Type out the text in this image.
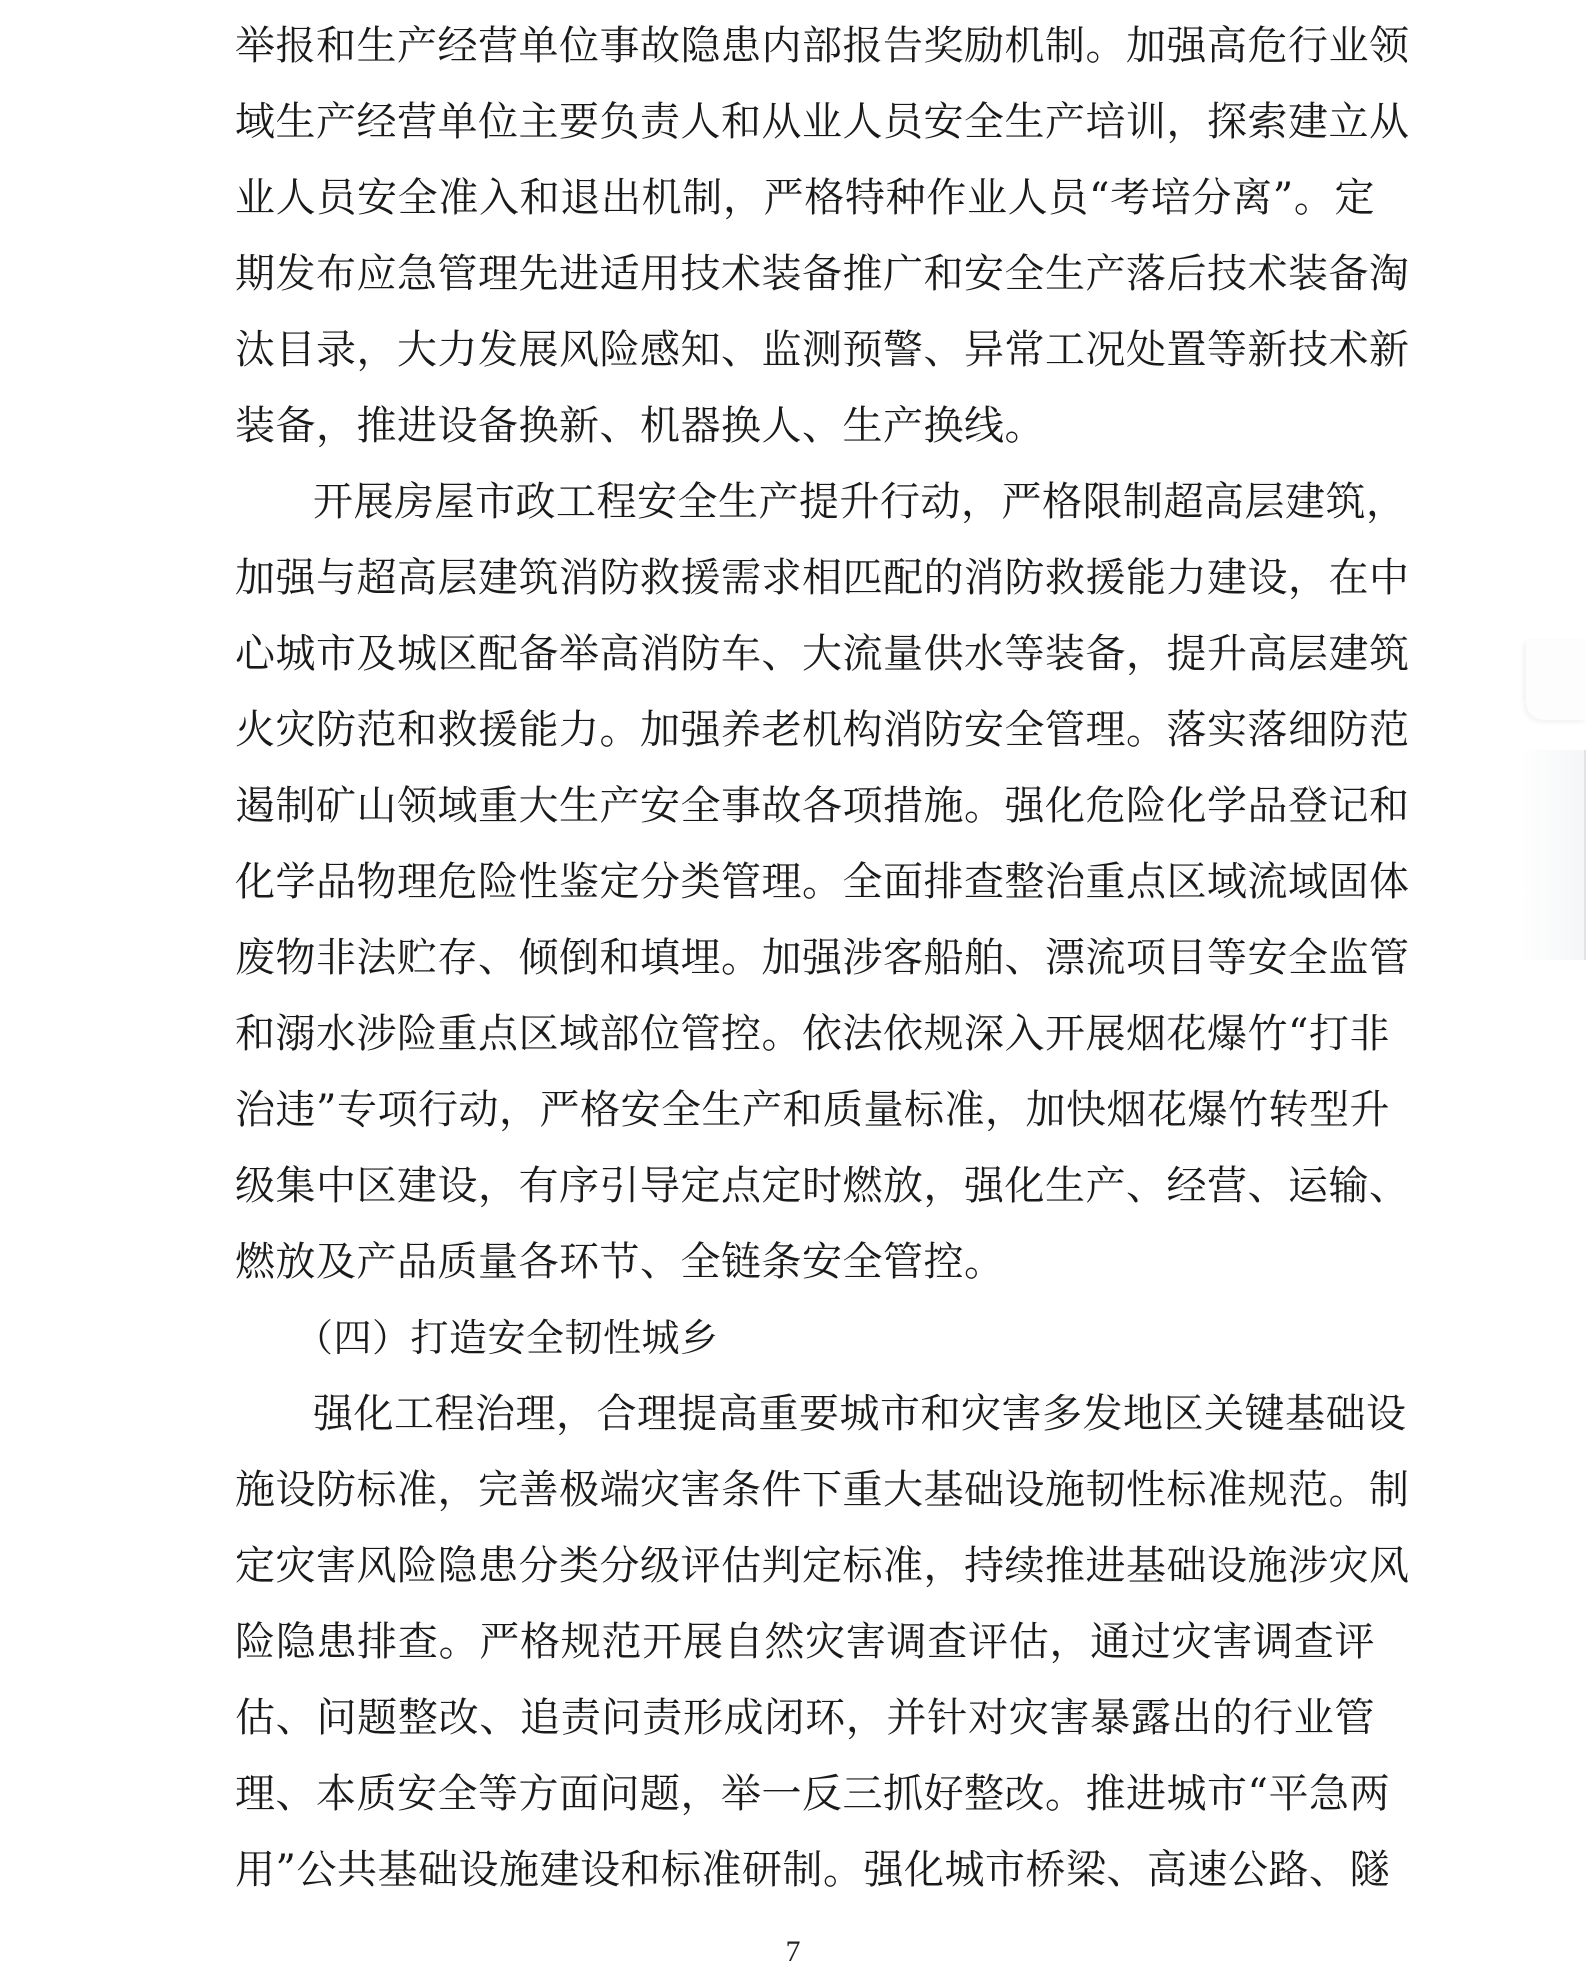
举报和生产经营单位事故隐患内部报告奖励机制。加强高危行业领
域生产经营单位主要负责人和从业人员安全生产培训，探索建立从
业人员安全准入和退出机制，严格特种作业人员“考培分离”。定
期发布应急管理先进适用技术装备推广和安全生产落后技术装备淘
汰目录，大力发展风险感知、监测预警、异常工况处置等新技术新
装备，推进设备换新、机器换人、生产换线。
开展房屋市政工程安全生产提升行动，严格限制超高层建筑，
加强与超高层建筑消防救援需求相匹配的消防救援能力建设，在中
心城市及城区配备举高消防车、大流量供水等装备，提升高层建筑
火灾防范和救援能力。加强养老机构消防安全管理。落实落细防范
遏制矿山领域重大生产安全事故各项措施。强化危险化学品登记和
化学品物理危险性鉴定分类管理。全面排查整治重点区域流域固体
废物非法贮存、倾倒和填埋。加强涉客船舶、漂流项目等安全监管
和溺水涉险重点区域部位管控。依法依规深入开展烟花爆竹“打非
治违”专项行动，严格安全生产和质量标准，加快烟花爆竹转型升
级集中区建设，有序引导定点定时燃放，强化生产、经营、运输、
燃放及产品质量各环节、全链条安全管控。
（四）打造安全韧性城乡
强化工程治理，合理提高重要城市和灾害多发地区关键基础设
施设防标准，完善极端灾害条件下重大基础设施韧性标准规范。制
定灾害风险隐患分类分级评估判定标准，持续推进基础设施涉灾风
险隐患排查。严格规范开展自然灾害调查评估，通过灾害调查评
估、问题整改、追责问责形成闭环，并针对灾害暴露出的行业管
理、本质安全等方面问题，举一反三抓好整改。推进城市“平急两
用”公共基础设施建设和标准研制。强化城市桥梁、高速公路、隧
7
